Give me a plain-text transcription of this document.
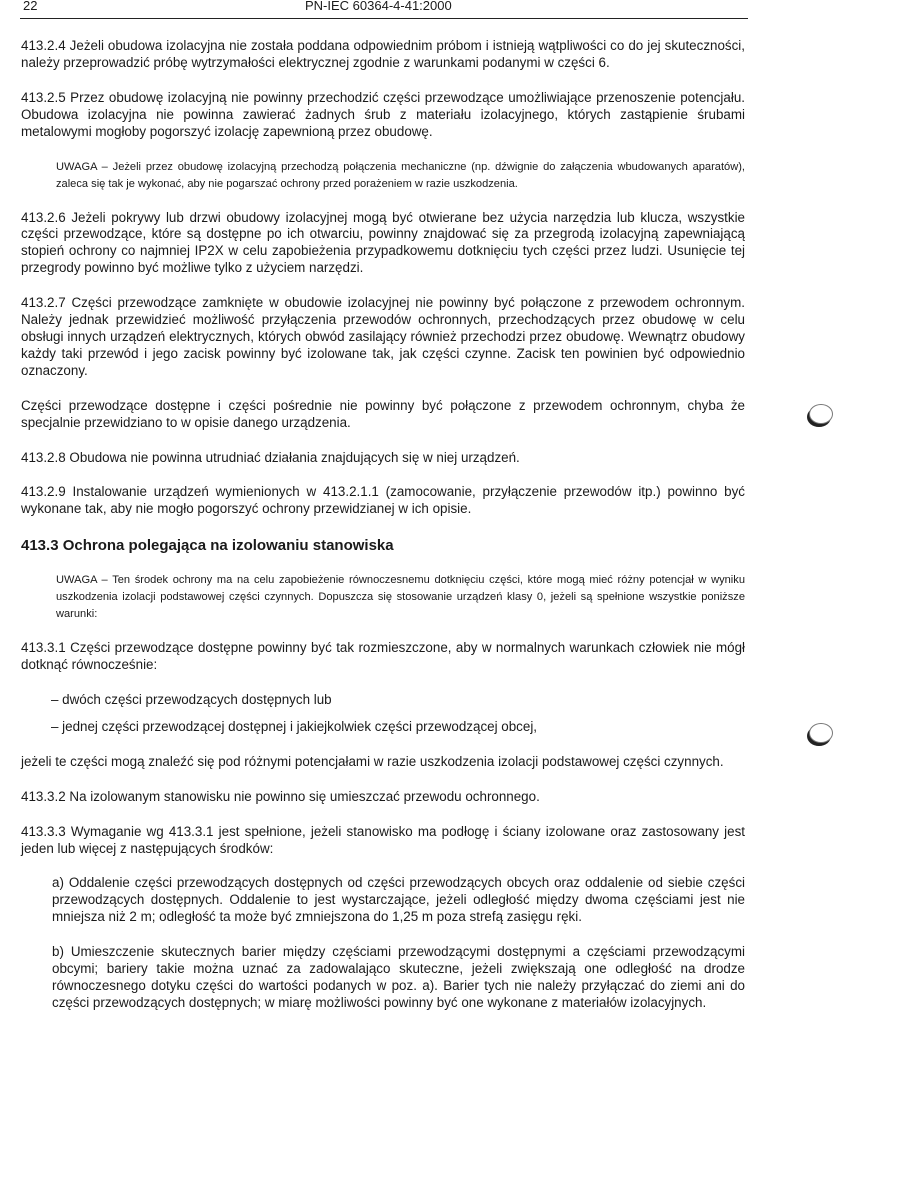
22	PN-IEC 60364-4-41:2000

413.2.4 Jeżeli obudowa izolacyjna nie została poddana odpowiednim próbom i istnieją wątpliwości co do jej skuteczności, należy przeprowadzić próbę wytrzymałości elektrycznej zgodnie z warunkami podanymi w części 6.

413.2.5 Przez obudowę izolacyjną nie powinny przechodzić części przewodzące umożliwiające przenoszenie potencjału. Obudowa izolacyjna nie powinna zawierać żadnych śrub z materiału izolacyjnego, których zastąpienie śrubami metalowymi mogłoby pogorszyć izolację zapewnioną przez obudowę.

UWAGA – Jeżeli przez obudowę izolacyjną przechodzą połączenia mechaniczne (np. dźwignie do załączenia wbudowanych aparatów), zaleca się tak je wykonać, aby nie pogarszać ochrony przed porażeniem w razie uszkodzenia.

413.2.6 Jeżeli pokrywy lub drzwi obudowy izolacyjnej mogą być otwierane bez użycia narzędzia lub klucza, wszystkie części przewodzące, które są dostępne po ich otwarciu, powinny znajdować się za przegrodą izolacyjną zapewniającą stopień ochrony co najmniej IP2X w celu zapobieżenia przypadkowemu dotknięciu tych części przez ludzi. Usunięcie tej przegrody powinno być możliwe tylko z użyciem narzędzi.

413.2.7 Części przewodzące zamknięte w obudowie izolacyjnej nie powinny być połączone z przewodem ochronnym. Należy jednak przewidzieć możliwość przyłączenia przewodów ochronnych, przechodzących przez obudowę w celu obsługi innych urządzeń elektrycznych, których obwód zasilający również przechodzi przez obudowę. Wewnątrz obudowy każdy taki przewód i jego zacisk powinny być izolowane tak, jak części czynne. Zacisk ten powinien być odpowiednio oznaczony.

Części przewodzące dostępne i części pośrednie nie powinny być połączone z przewodem ochronnym, chyba że specjalnie przewidziano to w opisie danego urządzenia.

413.2.8 Obudowa nie powinna utrudniać działania znajdujących się w niej urządzeń.

413.2.9 Instalowanie urządzeń wymienionych w 413.2.1.1 (zamocowanie, przyłączenie przewodów itp.) powinno być wykonane tak, aby nie mogło pogorszyć ochrony przewidzianej w ich opisie.

413.3 Ochrona polegająca na izolowaniu stanowiska

UWAGA – Ten środek ochrony ma na celu zapobieżenie równoczesnemu dotknięciu części, które mogą mieć różny potencjał w wyniku uszkodzenia izolacji podstawowej części czynnych. Dopuszcza się stosowanie urządzeń klasy 0, jeżeli są spełnione wszystkie poniższe warunki:

413.3.1 Części przewodzące dostępne powinny być tak rozmieszczone, aby w normalnych warunkach człowiek nie mógł dotknąć równocześnie:

– dwóch części przewodzących dostępnych lub

– jednej części przewodzącej dostępnej i jakiejkolwiek części przewodzącej obcej,

jeżeli te części mogą znaleźć się pod różnymi potencjałami w razie uszkodzenia izolacji podstawowej części czynnych.

413.3.2 Na izolowanym stanowisku nie powinno się umieszczać przewodu ochronnego.

413.3.3 Wymaganie wg 413.3.1 jest spełnione, jeżeli stanowisko ma podłogę i ściany izolowane oraz zastosowany jest jeden lub więcej z następujących środków:

a) Oddalenie części przewodzących dostępnych od części przewodzących obcych oraz oddalenie od siebie części przewodzących dostępnych. Oddalenie to jest wystarczające, jeżeli odległość między dwoma częściami jest nie mniejsza niż 2 m; odległość ta może być zmniejszona do 1,25 m poza strefą zasięgu ręki.

b) Umieszczenie skutecznych barier między częściami przewodzącymi dostępnymi a częściami przewodzącymi obcymi; bariery takie można uznać za zadowalająco skuteczne, jeżeli zwiększają one odległość na drodze równoczesnego dotyku części do wartości podanych w poz. a). Barier tych nie należy przyłączać do ziemi ani do części przewodzących dostępnych; w miarę możliwości powinny być one wykonane z materiałów izolacyjnych.
